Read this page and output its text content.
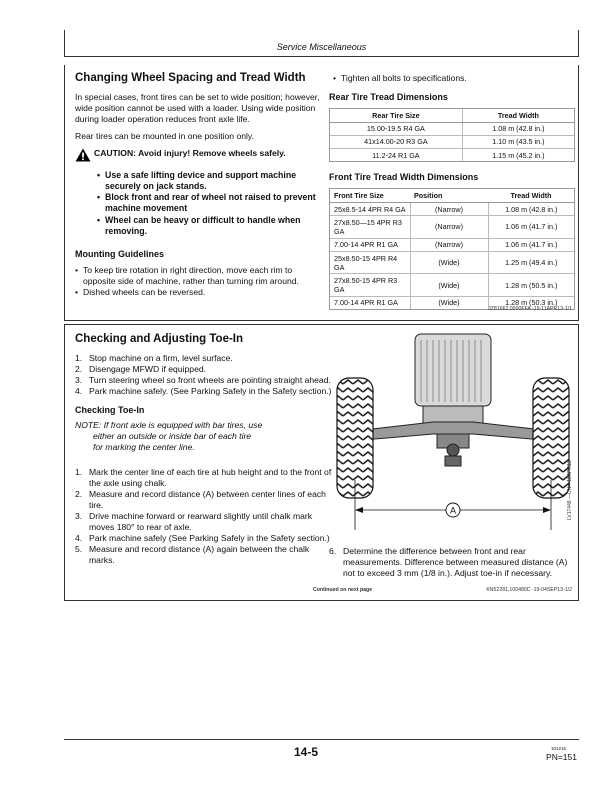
Service Miscellaneous
Changing Wheel Spacing and Tread Width

In special cases, front tires can be set to wide position; however, wide position cannot be used with a loader. Using wide position during loader operation reduces front axle life.

Rear tires can be mounted in one position only.

CAUTION: Avoid injury! Remove wheels safely.
• Use a safe lifting device and support machine securely on jack stands.
• Block front and rear of wheel not raised to prevent machine movement
• Wheel can be heavy or difficult to handle when removing.
Mounting Guidelines
• To keep tire rotation in right direction, move each rim to opposite side of machine, rather than turning rim around.
• Dished wheels can be reversed.
• Tighten all bolts to specifications.
Rear Tire Tread Dimensions
Rear Tire Size	Tread Width
15.00-19.5 R4 GA	1.08 m (42.8 in.)
41x14.00-20 R3 GA	1.10 m (43.5 in.)
11.2-24 R1 GA	1.15 m (45.2 in.)
Front Tire Tread Width Dimensions
Front Tire Size	Position	Tread Width
25x8.5-14 4PR R4 GA	(Narrow)	1.08 m (42.8 in.)
27x8.50—15 4PR R3 GA	(Narrow)	1.06 m (41.7 in.)
7.00-14 4PR R1 GA	(Narrow)	1.06 m (41.7 in.)
25x8.50-15 4PR R4 GA	(Wide)	1.25 m (49.4 in.)
27x8.50-15 4PR R3 GA	(Wide)	1.28 m (50.5 in.)
7.00-14 4PR R1 GA	(Wide)	1.28 m (50.3 in.)
JZ81662,0000FFA -19-11APR13-1/1
Checking and Adjusting Toe-In
1. Stop machine on a firm, level surface.
2. Disengage MFWD if equipped.
3. Turn steering wheel so front wheels are pointing straight ahead.
4. Park machine safely. (See Parking Safely in the Safety section.)
Checking Toe-In
NOTE: If front axle is equipped with bar tires, use
either an outside or inside bar of each tire
for marking the center line.
1. Mark the center line of each tire at hub height and to the front of the axle using chalk.
2. Measure and record distance (A) between center lines of each tire.
3. Drive machine forward or rearward slightly until chalk mark moves 180° to rear of axle.
4. Park machine safely (See Parking Safely in the Safety section.)
5. Measure and record distance (A) again between the chalk marks.
A	LV17448 —UN—12APR13
6. Determine the difference between front and rear measurements. Difference between measured distance (A) not to exceed 3 mm (1/8 in.). Adjust toe-in if necessary.
Continued on next page	KN52281,100480C -19-04SEP13-1/2
14-5	101216
PN=151
